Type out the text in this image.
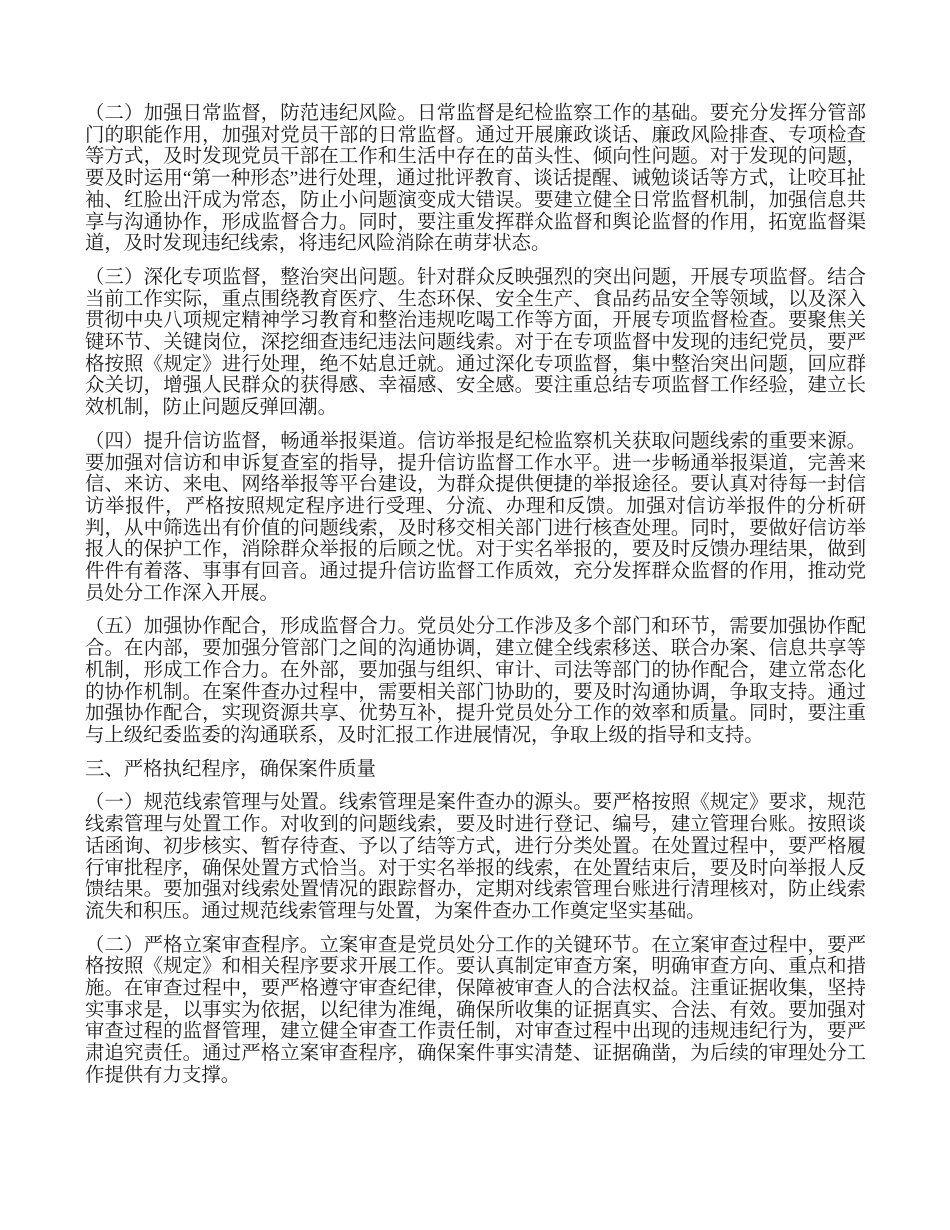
（二）加强日常监督，防范违纪风险。日常监督是纪检监察工作的基础。要充分发挥分管部门的职能作用，加强对党员干部的日常监督。通过开展廉政谈话、廉政风险排查、专项检查等方式，及时发现党员干部在工作和生活中存在的苗头性、倾向性问题。对于发现的问题，要及时运用“第一种形态”进行处理，通过批评教育、谈话提醒、诫勉谈话等方式，让咬耳扯袖、红脸出汗成为常态，防止小问题演变成大错误。要建立健全日常监督机制，加强信息共享与沟通协作，形成监督合力。同时，要注重发挥群众监督和舆论监督的作用，拓宽监督渠道，及时发现违纪线索，将违纪风险消除在萌芽状态。

（三）深化专项监督，整治突出问题。针对群众反映强烈的突出问题，开展专项监督。结合当前工作实际，重点围绕教育医疗、生态环保、安全生产、食品药品安全等领域，以及深入贯彻中央八项规定精神学习教育和整治违规吃喝工作等方面，开展专项监督检查。要聚焦关键环节、关键岗位，深挖细查违纪违法问题线索。对于在专项监督中发现的违纪党员，要严格按照《规定》进行处理，绝不姑息迁就。通过深化专项监督，集中整治突出问题，回应群众关切，增强人民群众的获得感、幸福感、安全感。要注重总结专项监督工作经验，建立长效机制，防止问题反弹回潮。

（四）提升信访监督，畅通举报渠道。信访举报是纪检监察机关获取问题线索的重要来源。要加强对信访和申诉复查室的指导，提升信访监督工作水平。进一步畅通举报渠道，完善来信、来访、来电、网络举报等平台建设，为群众提供便捷的举报途径。要认真对待每一封信访举报件，严格按照规定程序进行受理、分流、办理和反馈。加强对信访举报件的分析研判，从中筛选出有价值的问题线索，及时移交相关部门进行核查处理。同时，要做好信访举报人的保护工作，消除群众举报的后顾之忧。对于实名举报的，要及时反馈办理结果，做到件件有着落、事事有回音。通过提升信访监督工作质效，充分发挥群众监督的作用，推动党员处分工作深入开展。

（五）加强协作配合，形成监督合力。党员处分工作涉及多个部门和环节，需要加强协作配合。在内部，要加强分管部门之间的沟通协调，建立健全线索移送、联合办案、信息共享等机制，形成工作合力。在外部，要加强与组织、审计、司法等部门的协作配合，建立常态化的协作机制。在案件查办过程中，需要相关部门协助的，要及时沟通协调，争取支持。通过加强协作配合，实现资源共享、优势互补，提升党员处分工作的效率和质量。同时，要注重与上级纪委监委的沟通联系，及时汇报工作进展情况，争取上级的指导和支持。

三、严格执纪程序，确保案件质量

（一）规范线索管理与处置。线索管理是案件查办的源头。要严格按照《规定》要求，规范线索管理与处置工作。对收到的问题线索，要及时进行登记、编号，建立管理台账。按照谈话函询、初步核实、暂存待查、予以了结等方式，进行分类处置。在处置过程中，要严格履行审批程序，确保处置方式恰当。对于实名举报的线索，在处置结束后，要及时向举报人反馈结果。要加强对线索处置情况的跟踪督办，定期对线索管理台账进行清理核对，防止线索流失和积压。通过规范线索管理与处置，为案件查办工作奠定坚实基础。

（二）严格立案审查程序。立案审查是党员处分工作的关键环节。在立案审查过程中，要严格按照《规定》和相关程序要求开展工作。要认真制定审查方案，明确审查方向、重点和措施。在审查过程中，要严格遵守审查纪律，保障被审查人的合法权益。注重证据收集，坚持实事求是，以事实为依据，以纪律为准绳，确保所收集的证据真实、合法、有效。要加强对审查过程的监督管理，建立健全审查工作责任制，对审查过程中出现的违规违纪行为，要严肃追究责任。通过严格立案审查程序，确保案件事实清楚、证据确凿，为后续的审理处分工作提供有力支撑。
